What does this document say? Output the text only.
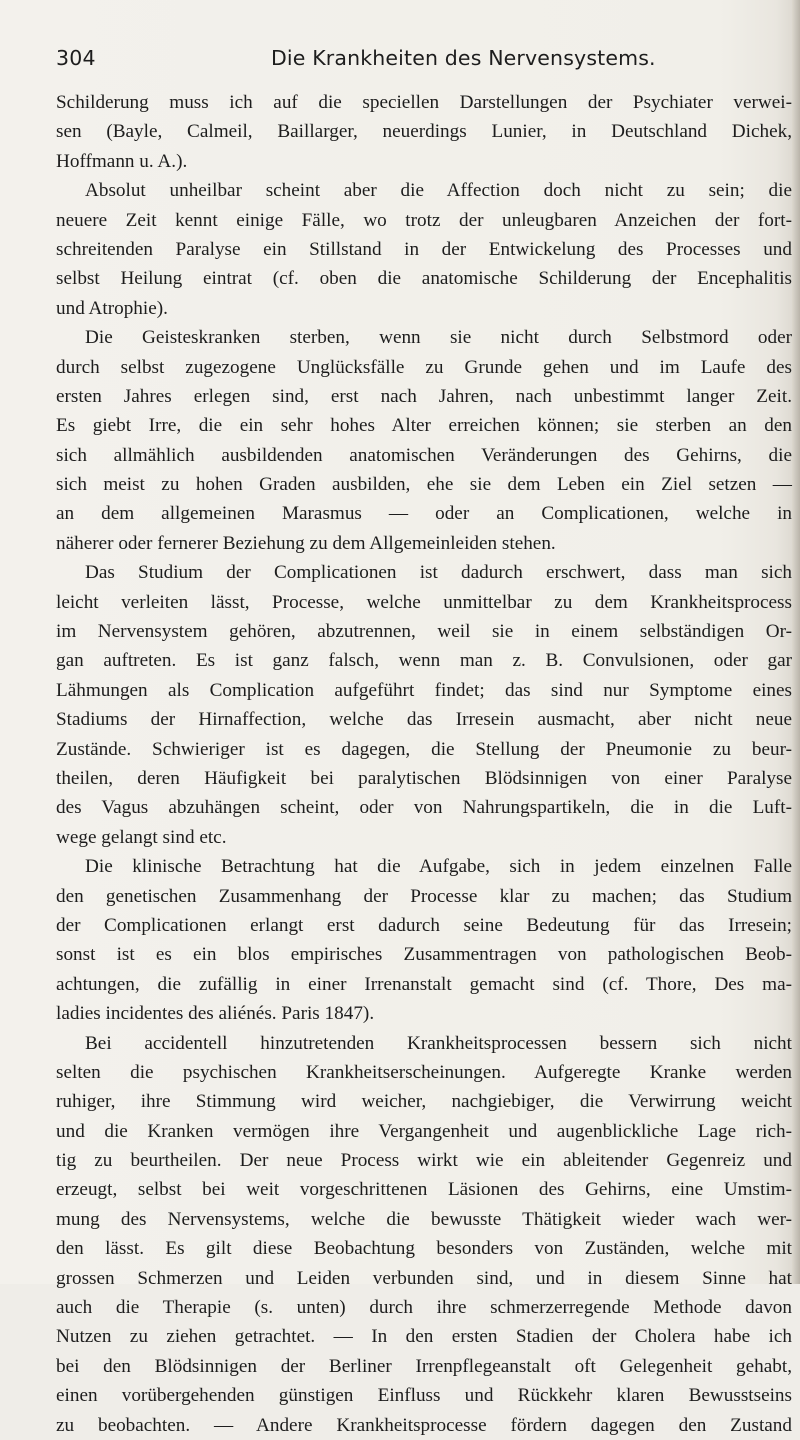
304	Die Krankheiten des Nervensystems.
Schilderung muss ich auf die speciellen Darstellungen der Psychiater verwei-
sen (Bayle, Calmeil, Baillarger, neuerdings Lunier, in Deutschland Dichek,
Hoffmann u. A.).
Absolut unheilbar scheint aber die Affection doch nicht zu sein; die
neuere Zeit kennt einige Fälle, wo trotz der unleugbaren Anzeichen der fort-
schreitenden Paralyse ein Stillstand in der Entwickelung des Processes und
selbst Heilung eintrat (cf. oben die anatomische Schilderung der Encephalitis
und Atrophie).
Die Geisteskranken sterben, wenn sie nicht durch Selbstmord oder
durch selbst zugezogene Unglücksfälle zu Grunde gehen und im Laufe des
ersten Jahres erlegen sind, erst nach Jahren, nach unbestimmt langer Zeit.
Es giebt Irre, die ein sehr hohes Alter erreichen können; sie sterben an den
sich allmählich ausbildenden anatomischen Veränderungen des Gehirns, die
sich meist zu hohen Graden ausbilden, ehe sie dem Leben ein Ziel setzen —
an dem allgemeinen Marasmus — oder an Complicationen, welche in
näherer oder fernerer Beziehung zu dem Allgemeinleiden stehen.
Das Studium der Complicationen ist dadurch erschwert, dass man sich
leicht verleiten lässt, Processe, welche unmittelbar zu dem Krankheitsprocess
im Nervensystem gehören, abzutrennen, weil sie in einem selbständigen Or-
gan auftreten. Es ist ganz falsch, wenn man z. B. Convulsionen, oder gar
Lähmungen als Complication aufgeführt findet; das sind nur Symptome eines
Stadiums der Hirnaffection, welche das Irresein ausmacht, aber nicht neue
Zustände. Schwieriger ist es dagegen, die Stellung der Pneumonie zu beur-
theilen, deren Häufigkeit bei paralytischen Blödsinnigen von einer Paralyse
des Vagus abzuhängen scheint, oder von Nahrungspartikeln, die in die Luft-
wege gelangt sind etc.
Die klinische Betrachtung hat die Aufgabe, sich in jedem einzelnen Falle
den genetischen Zusammenhang der Processe klar zu machen; das Studium
der Complicationen erlangt erst dadurch seine Bedeutung für das Irresein;
sonst ist es ein blos empirisches Zusammentragen von pathologischen Beob-
achtungen, die zufällig in einer Irrenanstalt gemacht sind (cf. Thore, Des ma-
ladies incidentes des aliénés. Paris 1847).
Bei accidentell hinzutretenden Krankheitsprocessen bessern sich nicht
selten die psychischen Krankheitserscheinungen. Aufgeregte Kranke werden
ruhiger, ihre Stimmung wird weicher, nachgiebiger, die Verwirrung weicht
und die Kranken vermögen ihre Vergangenheit und augenblickliche Lage rich-
tig zu beurtheilen. Der neue Process wirkt wie ein ableitender Gegenreiz und
erzeugt, selbst bei weit vorgeschrittenen Läsionen des Gehirns, eine Umstim-
mung des Nervensystems, welche die bewusste Thätigkeit wieder wach wer-
den lässt. Es gilt diese Beobachtung besonders von Zuständen, welche mit
grossen Schmerzen und Leiden verbunden sind, und in diesem Sinne hat
auch die Therapie (s. unten) durch ihre schmerzerregende Methode davon
Nutzen zu ziehen getrachtet. — In den ersten Stadien der Cholera habe ich
bei den Blödsinnigen der Berliner Irrenpflegeanstalt oft Gelegenheit gehabt,
einen vorübergehenden günstigen Einfluss und Rückkehr klaren Bewusstseins
zu beobachten. — Andere Krankheitsprocesse fördern dagegen den Zustand
